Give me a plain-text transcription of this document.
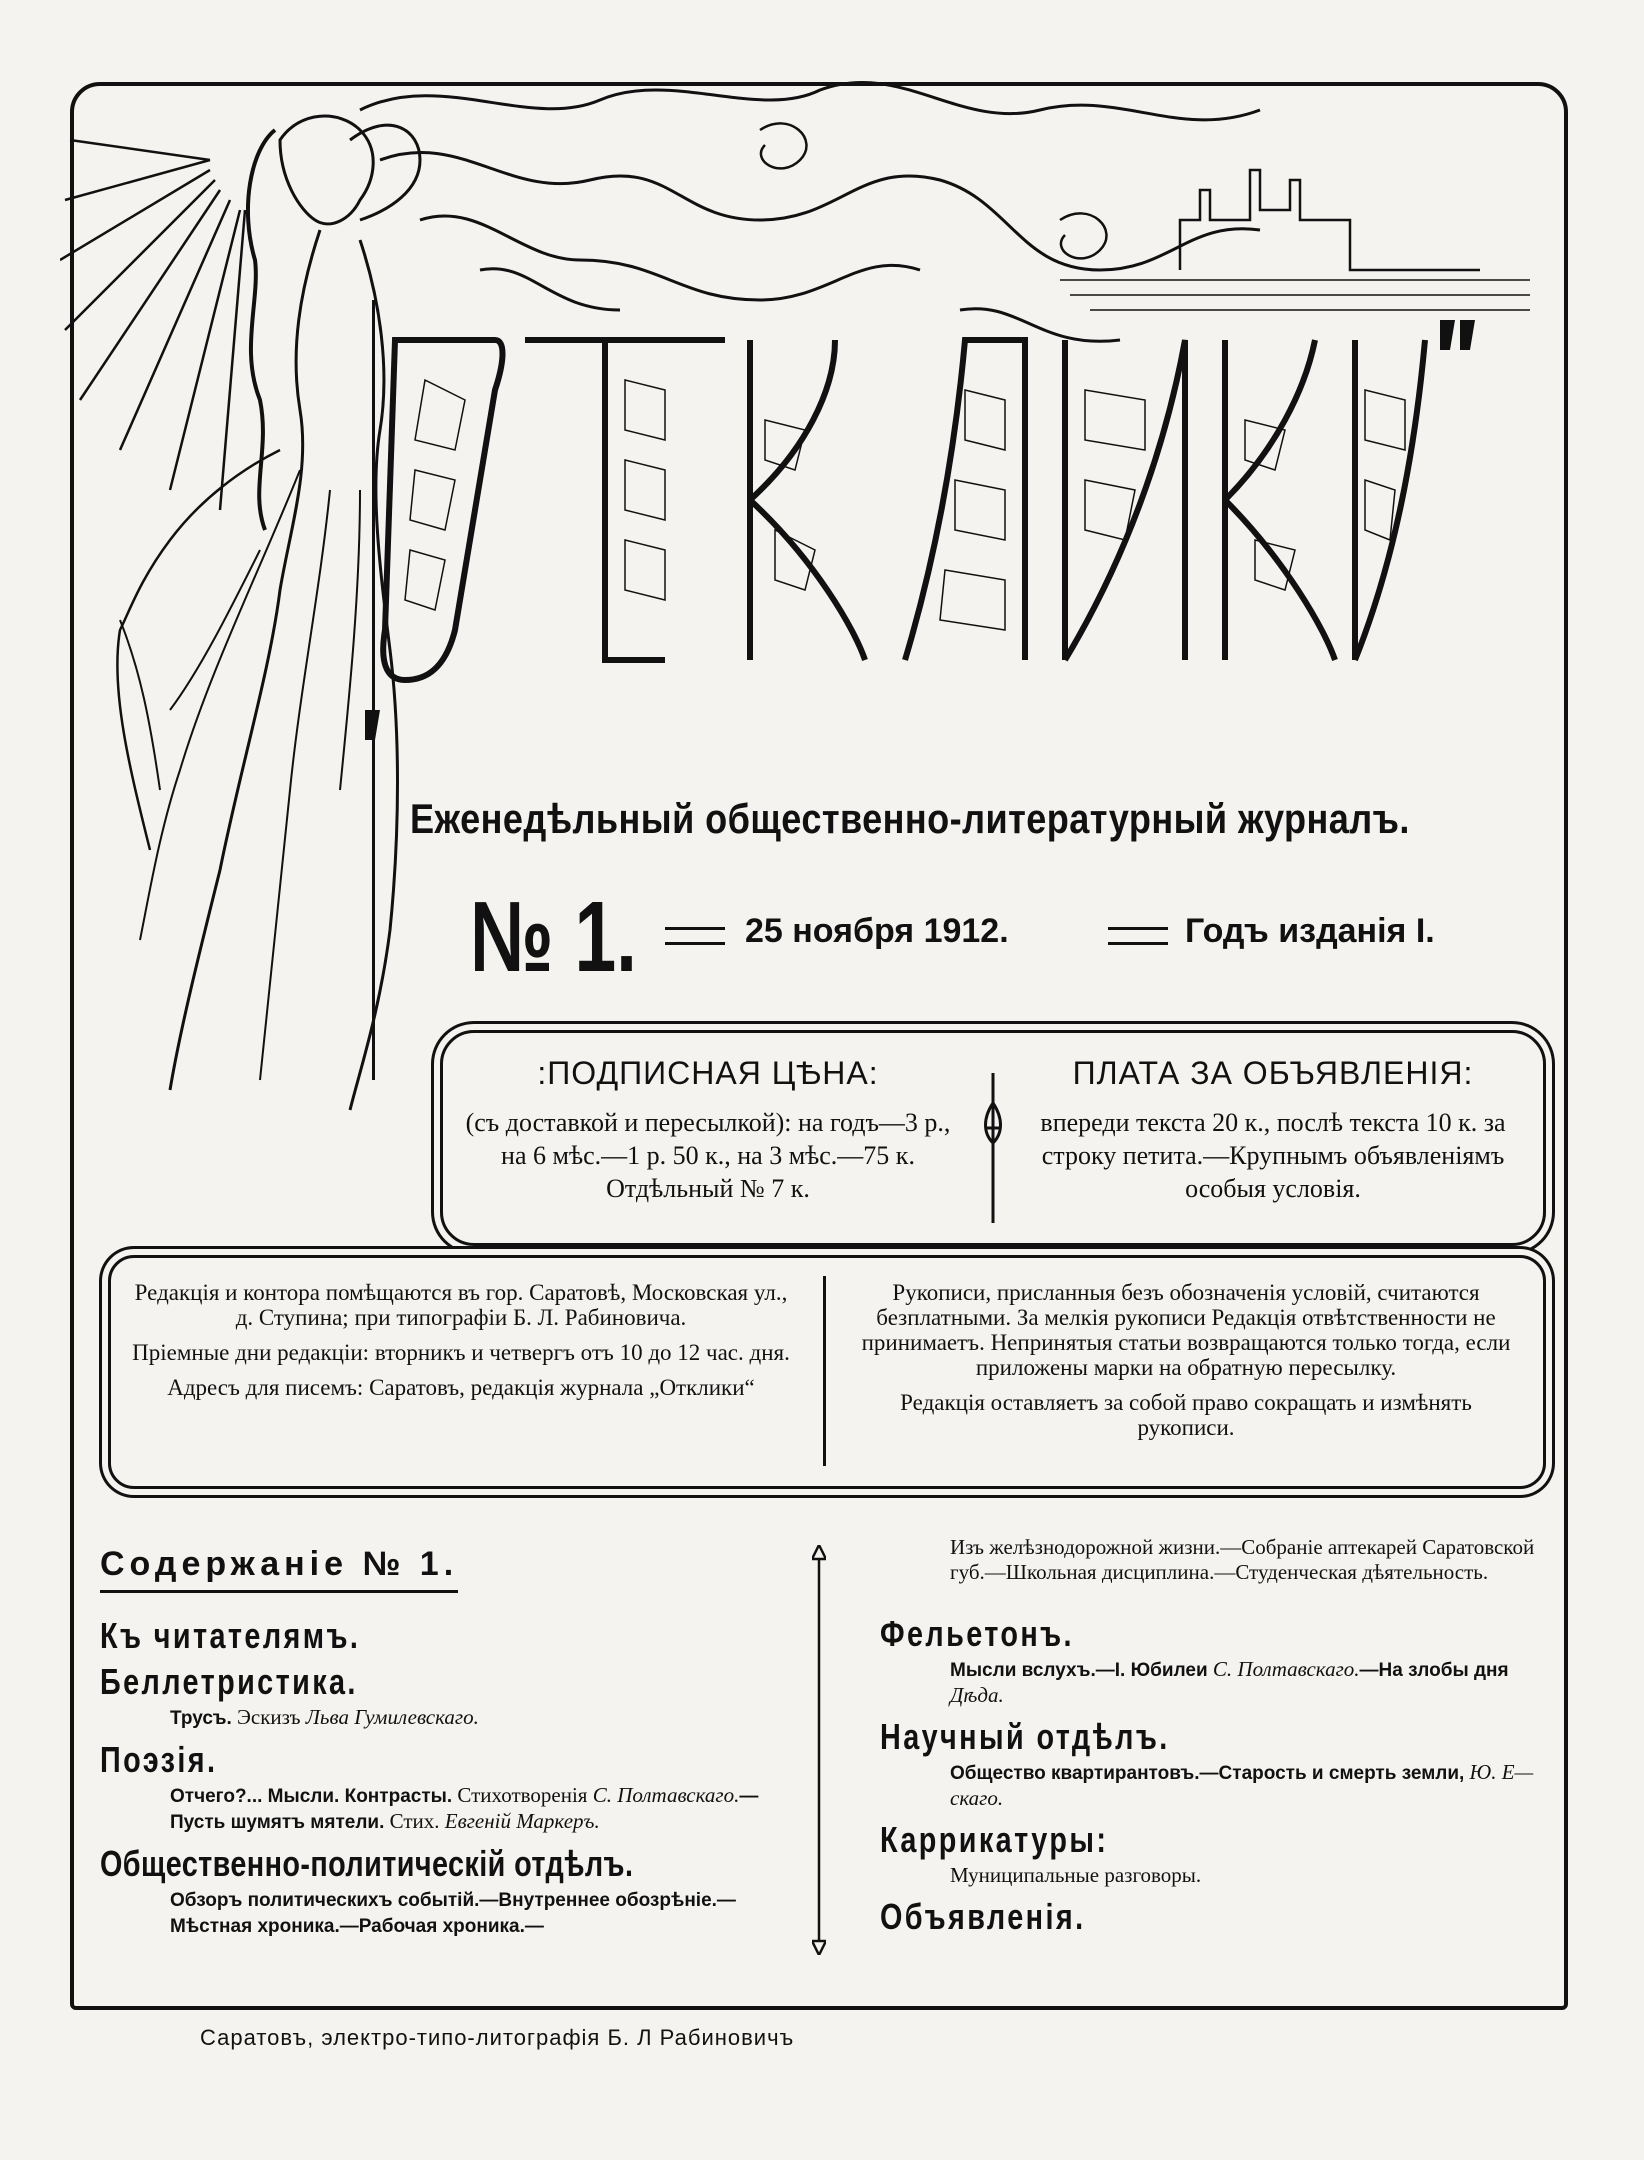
Еженедѣльный общественно-литературный журналъ.
№ 1.	25 ноября 1912.	Годъ изданія I.
:ПОДПИСНАЯ ЦѢНА:
(съ доставкой и пересылкой): на годъ—3 р., на 6 мѣс.—1 р. 50 к., на 3 мѣс.—75 к. Отдѣльный № 7 к.
ПЛАТА ЗА ОБЪЯВЛЕНІЯ:
впереди текста 20 к., послѣ текста 10 к. за строку петита.—Крупнымъ объявленіямъ особыя условія.

Редакція и контора помѣщаются въ гор. Саратовѣ, Московская ул., д. Ступина; при типографіи Б. Л. Рабиновича.

Пріемные дни редакціи: вторникъ и четвергъ отъ 10 до 12 час. дня.

Адресъ для писемъ: Саратовъ, редакція журнала „Отклики“

Рукописи, присланныя безъ обозначенія условій, считаются безплатными. За мелкія рукописи Редакція отвѣтственности не принимаетъ. Непринятыя статьи возвращаются только тогда, если приложены марки на обратную пересылку.

Редакція оставляетъ за собой право сокращать и измѣнять рукописи.

Содержаніе № 1.
Къ читателямъ.
Беллетристика.
Трусъ. Эскизъ Льва Гумилевскаго.
Поэзія.
Отчего?... Мысли. Контрасты. Стихотворенія С. Полтавскаго.—Пусть шумятъ мятели. Стих. Евгеній Маркеръ.
Общественно-политическій отдѣлъ.
Обзоръ политическихъ событій.—Внутреннее обозрѣніе.—Мѣстная хроника.—Рабочая хроника.—
Изъ желѣзнодорожной жизни.—Собраніе аптекарей Саратовской губ.—Школьная дисциплина.—Студенческая дѣятельность.
Фельетонъ.
Мысли вслухъ.—I. Юбилеи С. Полтавскаго.—На злобы дня Дѣда.
Научный отдѣлъ.
Общество квартирантовъ.—Старость и смерть земли, Ю. Е—скаго.
Каррикатуры:
Муниципальные разговоры.
Объявленія.
Саратовъ, электро-типо-литографія Б. Л Рабиновичъ
